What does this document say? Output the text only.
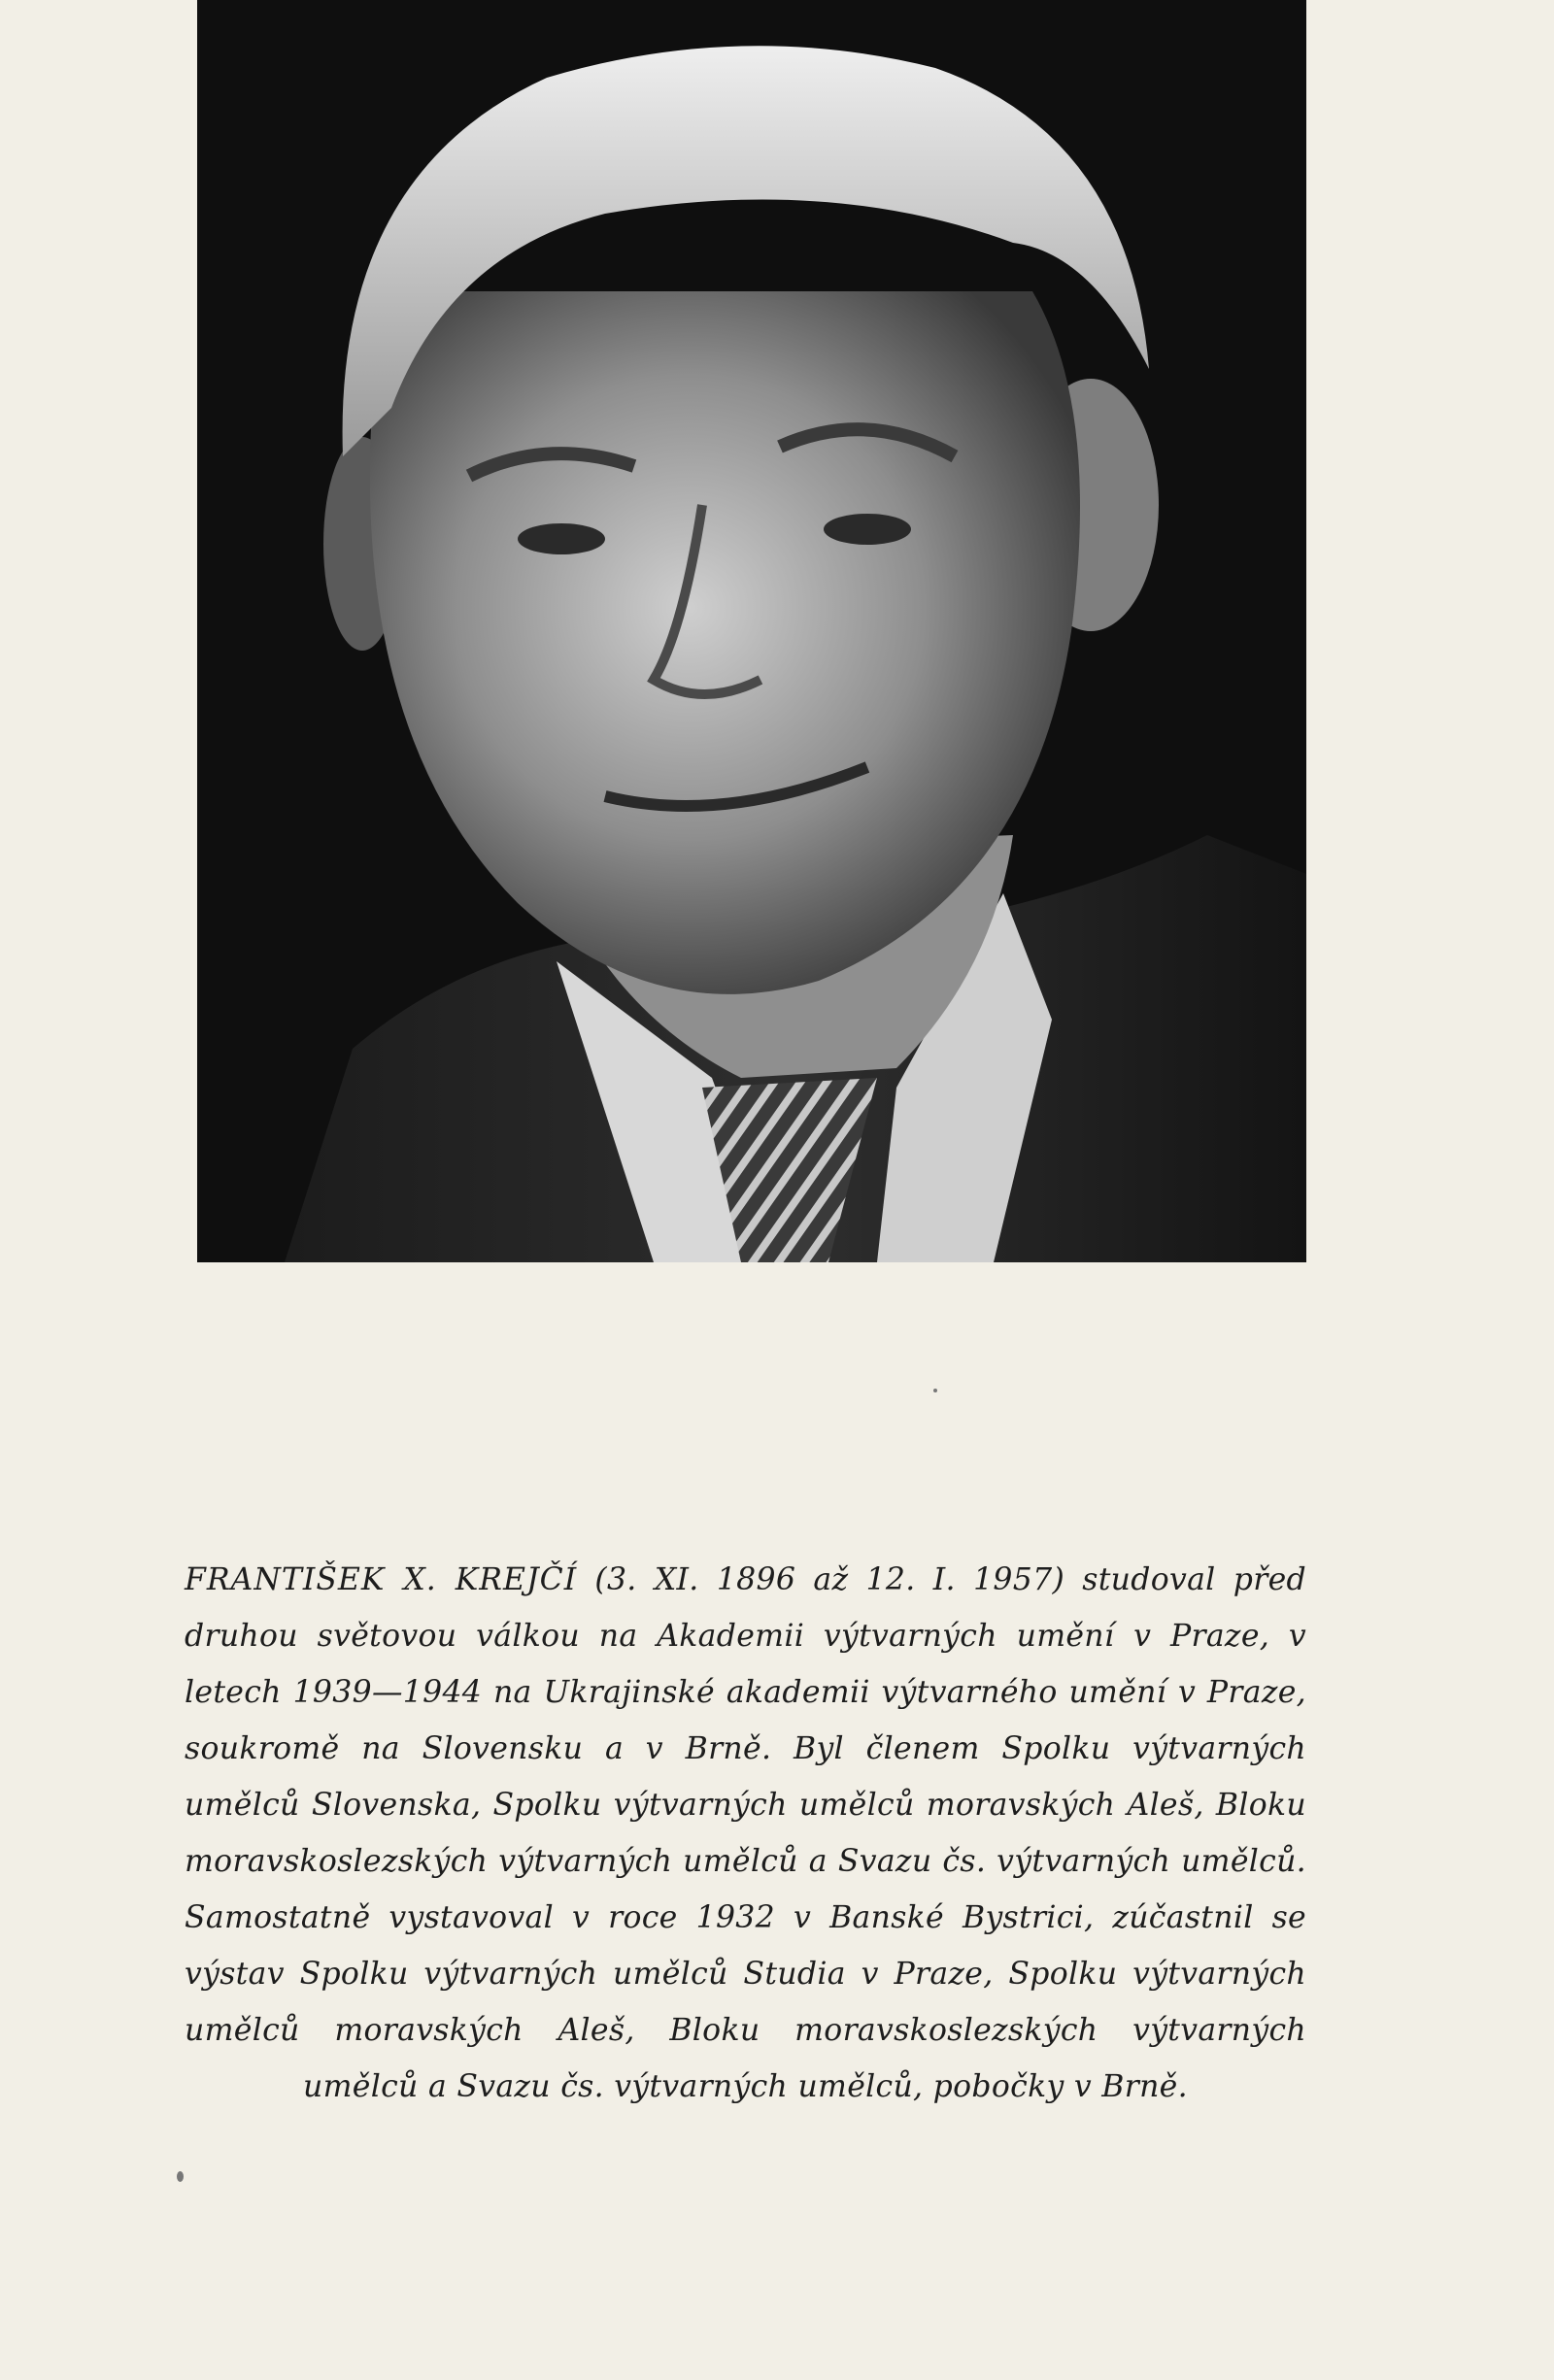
FRANTIŠEK X. KREJČÍ (3. XI. 1896 až 12. I. 1957) studoval před druhou světovou válkou na Akademii výtvarných umění v Praze, v letech 1939—1944 na Ukrajinské akademii výtvarného umění v Praze, soukromě na Slovensku a v Brně. Byl členem Spolku výtvarných umělců Slovenska, Spolku výtvarných umělců moravských Aleš, Bloku moravskoslezských výtvarných umělců a Svazu čs. výtvarných umělců. Samostatně vystavoval v roce 1932 v Banské Bystrici, zúčastnil se výstav Spolku výtvarných umělců Studia v Praze, Spolku výtvarných umělců moravských Aleš, Bloku moravskoslezských výtvarných umělců a Svazu čs. výtvarných umělců, pobočky v Brně.
